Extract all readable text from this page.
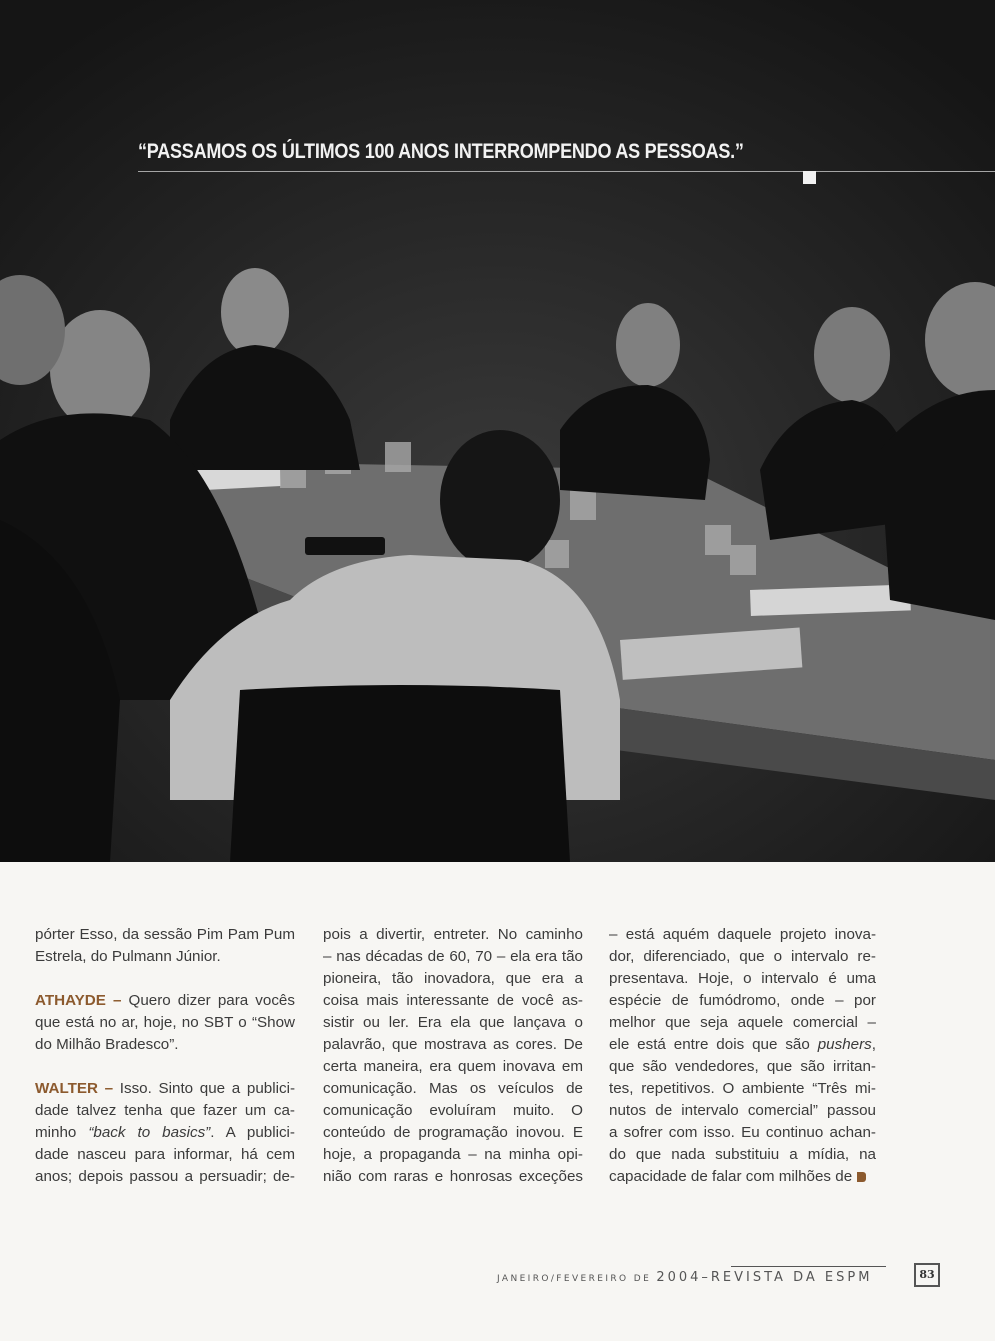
“PASSAMOS OS ÚLTIMOS 100 ANOS INTERROMPENDO AS PESSOAS.”

pórter Esso, da sessão Pim Pam Pum
Estrela, do Pulmann Júnior.

ATHAYDE – Quero dizer para vocês
que está no ar, hoje, no SBT o “Show
do Milhão Bradesco”.

WALTER – Isso. Sinto que a publici-
dade talvez tenha que fazer um ca-
minho “back to basics”. A publici-
dade nasceu para informar, há cem
anos; depois passou a persuadir; de-

pois a divertir, entreter. No caminho
– nas décadas de 60, 70 – ela era tão
pioneira, tão inovadora, que era a
coisa mais interessante de você as-
sistir ou ler. Era ela que lançava o
palavrão, que mostrava as cores. De
certa maneira, era quem inovava em
comunicação. Mas os veículos de
comunicação evoluíram muito. O
conteúdo de programação inovou. E
hoje, a propaganda – na minha opi-
nião com raras e honrosas exceções

– está aquém daquele projeto inova-
dor, diferenciado, que o intervalo re-
presentava. Hoje, o intervalo é uma
espécie de fumódromo, onde – por
melhor que seja aquele comercial –
ele está entre dois que são pushers,
que são vendedores, que são irritan-
tes, repetitivos. O ambiente “Três mi-
nutos de intervalo comercial” passou
a sofrer com isso. Eu continuo achan-
do que nada substituiu a mídia, na
capacidade de falar com milhões de

JANEIRO/FEVEREIRO DE 2004–REVISTA DA ESPM	83
